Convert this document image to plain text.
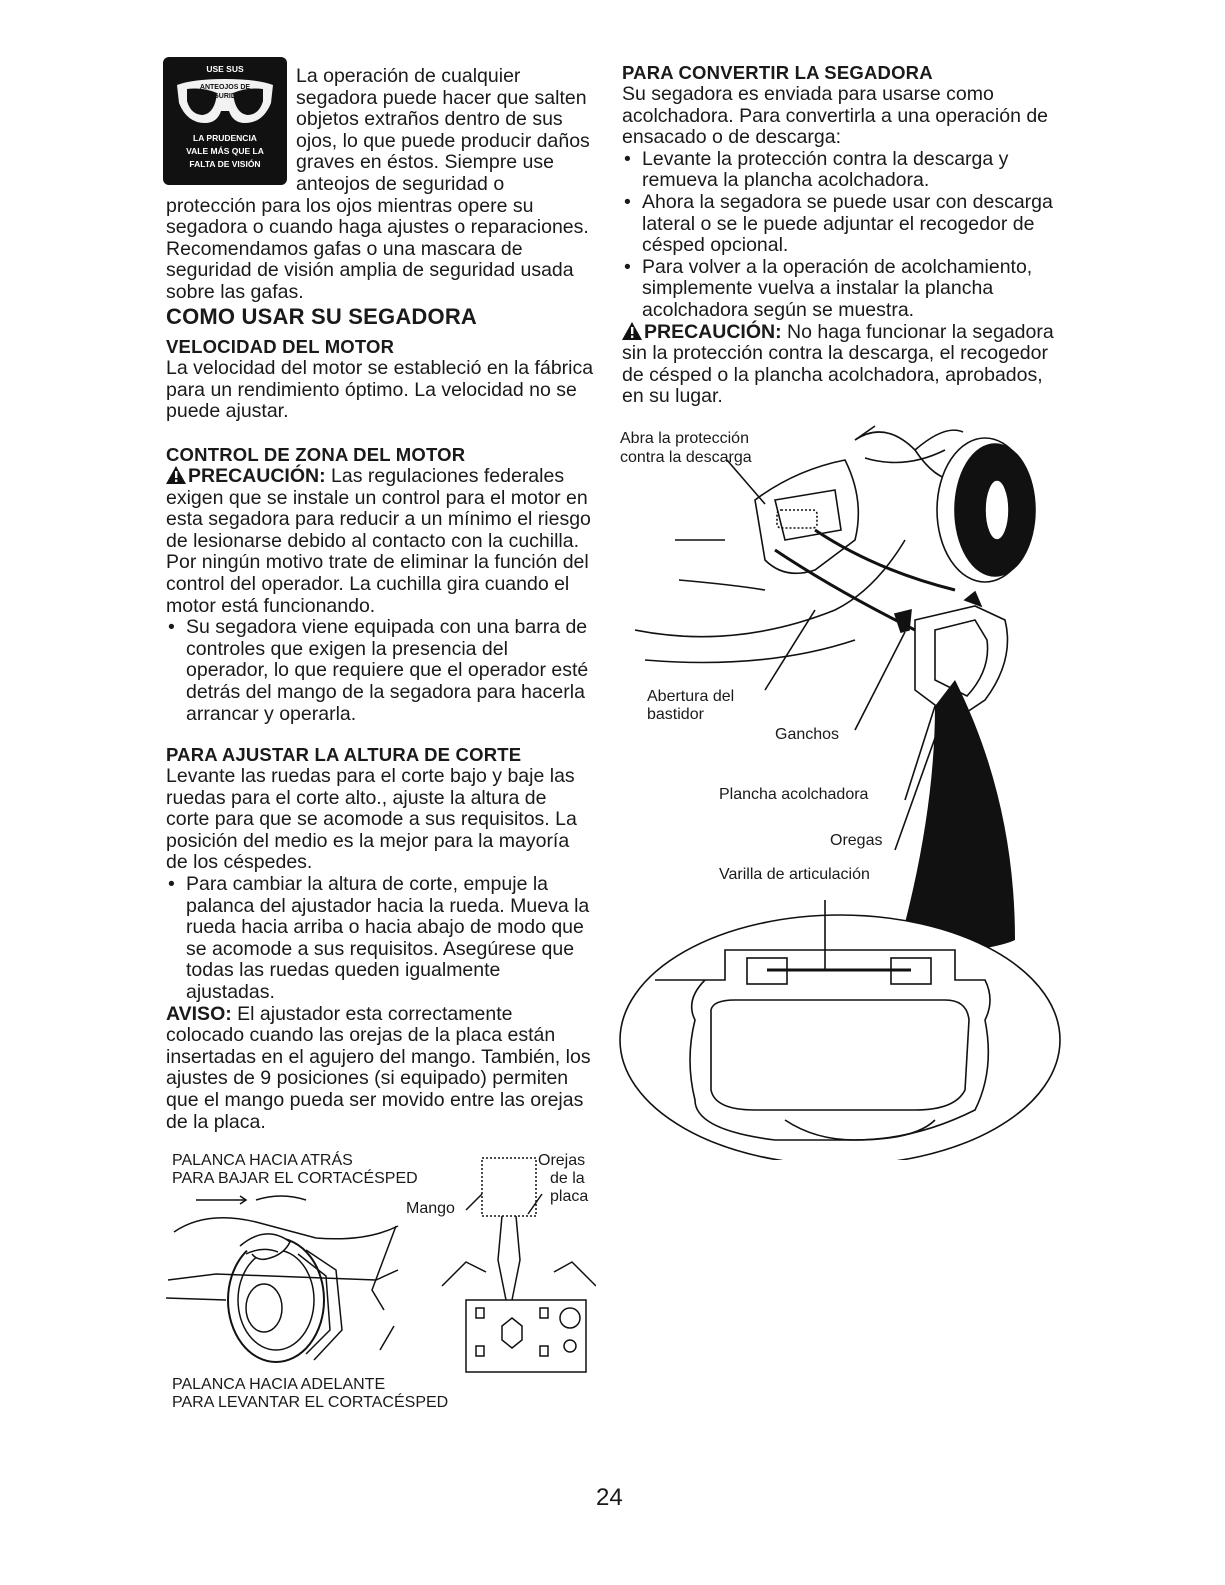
USE SUS
ANTEOJOS DE
SEGURIDAD
LA PRUDENCIA
VALE MÁS QUE LA
FALTA DE VISIÓN

La operación de cualquier segadora puede hacer que salten objetos extraños dentro de sus ojos, lo que puede producir daños graves en éstos. Siempre use anteojos de seguridad o protección para los ojos mientras opere su segadora o cuando haga ajustes o reparaciones. Recomendamos gafas o una mascara de seguridad de visión amplia de seguridad usada sobre las gafas.

COMO USAR SU SEGADORA
VELOCIDAD DEL MOTOR

La velocidad del motor se estableció en la fábrica para un rendimiento óptimo. La velocidad no se puede ajustar.

CONTROL DE ZONA DEL MOTOR

PRECAUCIÓN: Las regulaciones federales exigen que se instale un control para el motor en esta segadora para reducir a un mínimo el riesgo de lesionarse debido al contacto con la cuchilla. Por ningún motivo trate de eliminar la función del control del operador. La cuchilla gira cuando el motor está funcionando.

• Su segadora viene equipada con una barra de controles que exigen la presencia del operador, lo que requiere que el operador esté detrás del mango de la segadora para hacerla arrancar y operarla.
PARA AJUSTAR LA ALTURA DE CORTE

Levante las ruedas para el corte bajo y baje las ruedas para el corte alto., ajuste la altura de corte para que se acomode a sus requisitos. La posición del medio es la mejor para la mayoría de los céspedes.

• Para cambiar la altura de corte, empuje la palanca del ajustador hacia la rueda. Mueva la rueda hacia arriba o hacia abajo de modo que se acomode a sus requisitos. Asegúrese que todas las ruedas queden igualmente ajustadas.

AVISO: El ajustador esta correctamente colocado cuando las orejas de la placa están insertadas en el agujero del mango. También, los ajustes de 9 posiciones (si equipado) permiten que el mango pueda ser movido entre las orejas de la placa.

PALANCA HACIA ATRÁS
PARA BAJAR EL CORTACÉSPED
Mango
Orejas
de la
placa
PALANCA HACIA ADELANTE
PARA LEVANTAR EL CORTACÉSPED
PARA CONVERTIR LA SEGADORA

Su segadora es enviada para usarse como acolchadora. Para convertirla a una operación de ensacado o de descarga:

• Levante la protección contra la descarga y remueva la plancha acolchadora.
• Ahora la segadora se puede usar con descarga lateral o se le puede adjuntar el recogedor de césped opcional.
• Para volver a la operación de acolchamiento, simplemente vuelva a instalar la plancha acolchadora según se muestra.

PRECAUCIÓN: No haga funcionar la segadora sin la protección contra la descarga, el recogedor de césped o la plancha acolchadora, aprobados, en su lugar.

Abra la protección
contra la descarga
Abertura del
bastidor
Ganchos
Plancha acolchadora
Oregas
Varilla de articulación
24
